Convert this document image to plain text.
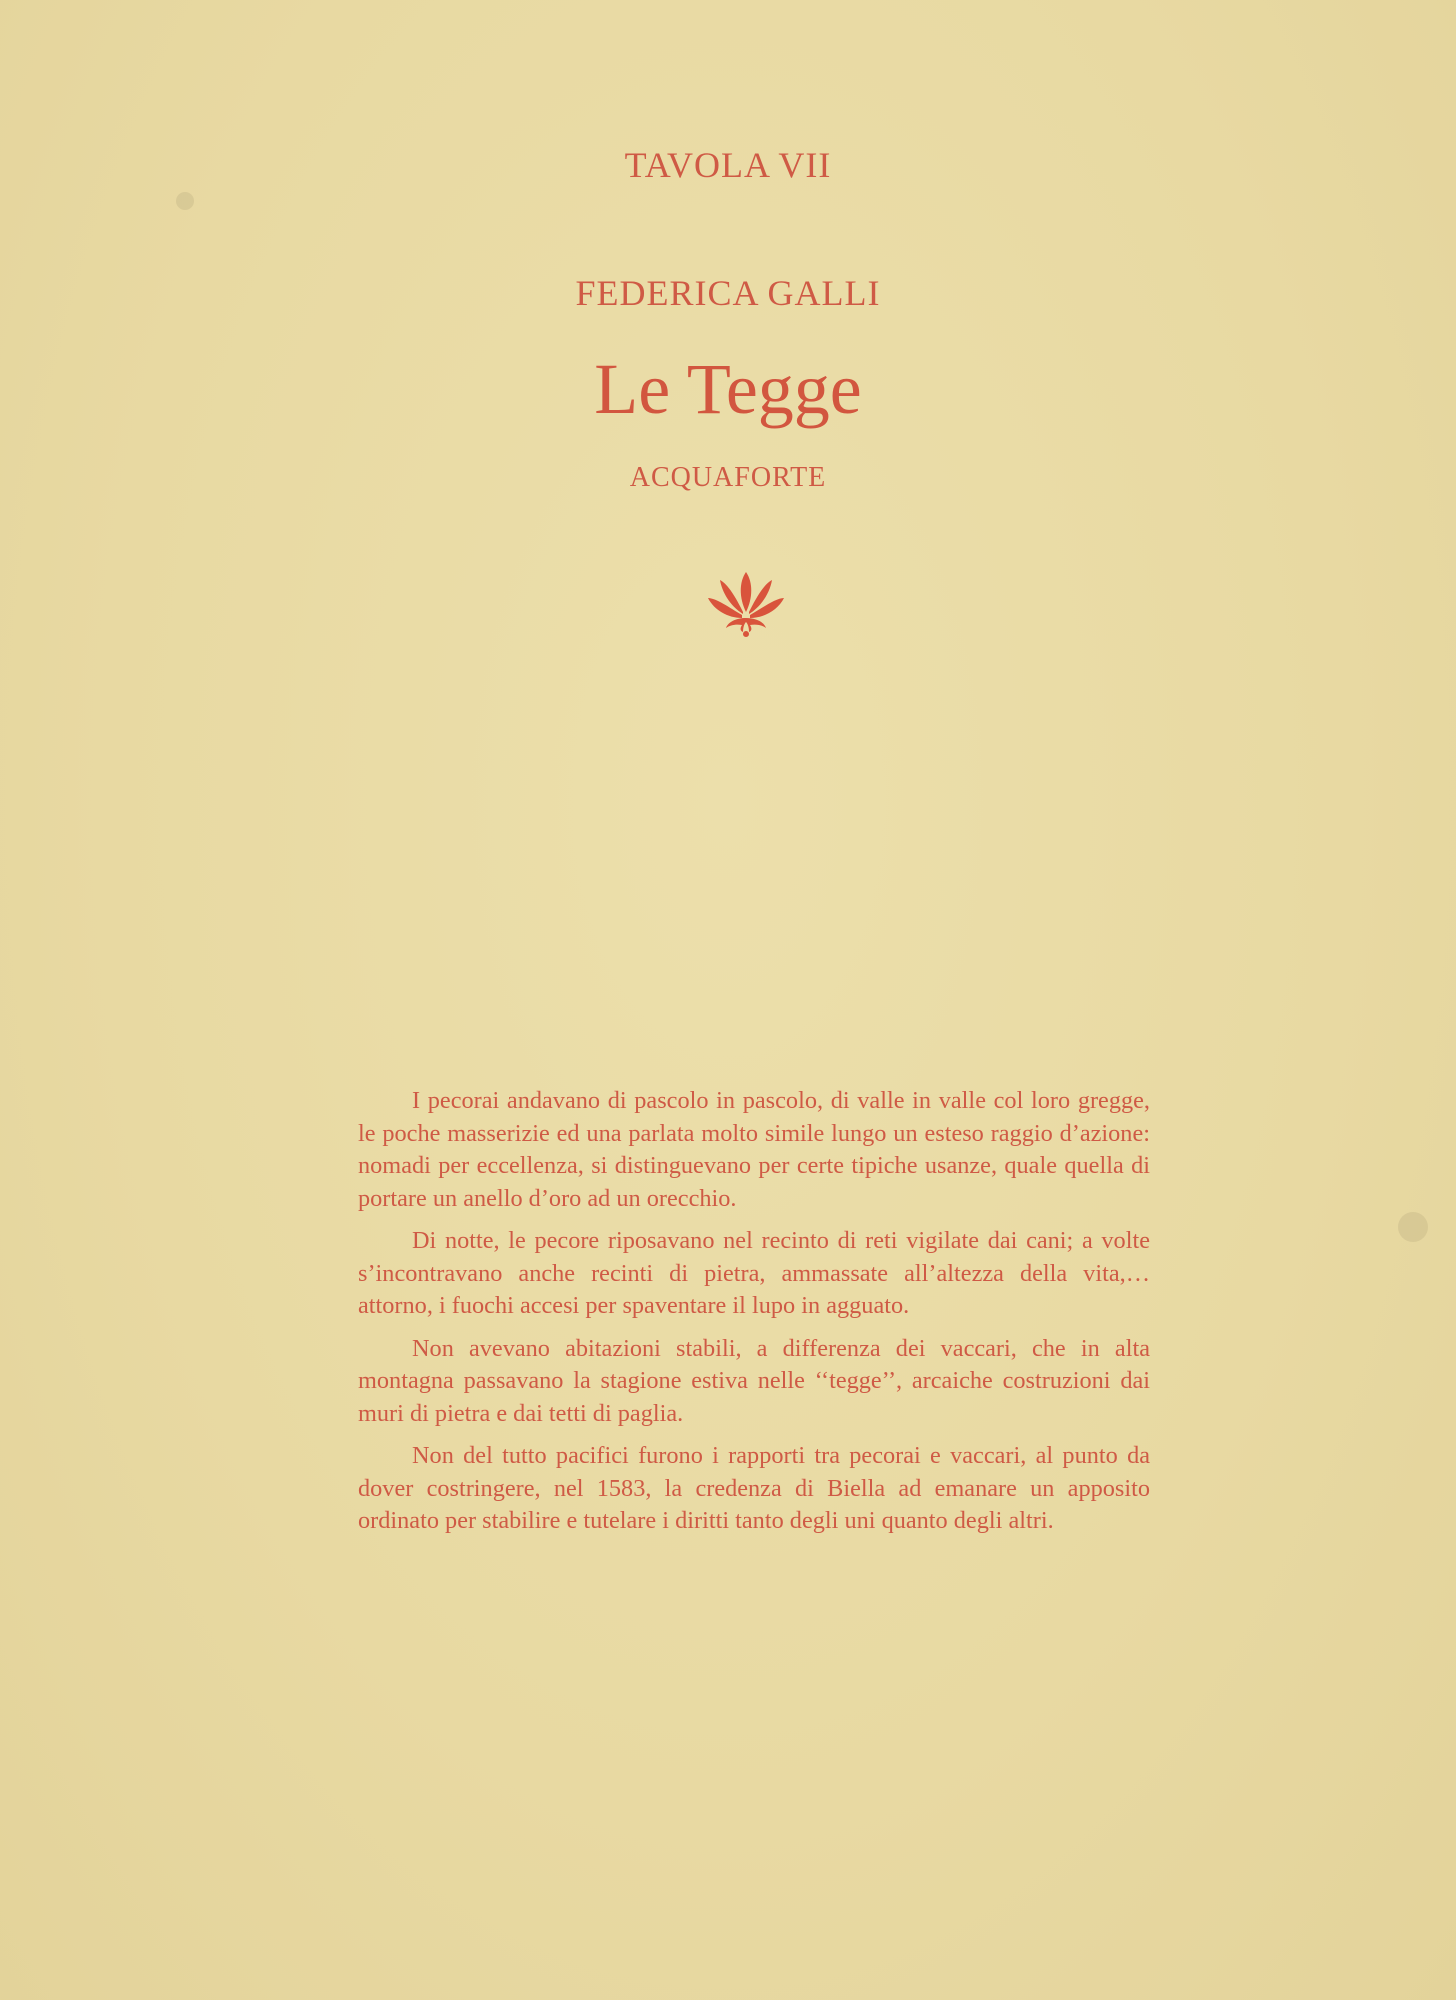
TAVOLA VII
FEDERICA GALLI
Le Tegge
ACQUAFORTE

I pecorai andavano di pascolo in pascolo, di valle in valle col loro gregge, le poche masserizie ed una parlata molto simile lungo un esteso raggio d’azione: nomadi per eccellenza, si distinguevano per certe tipiche usanze, quale quella di portare un anello d’oro ad un orecchio.

Di notte, le pecore riposavano nel recinto di reti vigilate dai cani; a volte s’incontravano anche recinti di pietra, ammassate all’altezza della vita,… attorno, i fuochi accesi per spaventare il lupo in agguato.

Non avevano abitazioni stabili, a differenza dei vaccari, che in alta montagna passavano la stagione estiva nelle ‘‘tegge’’, arcaiche costruzioni dai muri di pietra e dai tetti di paglia.

Non del tutto pacifici furono i rapporti tra pecorai e vaccari, al punto da dover costringere, nel 1583, la credenza di Biella ad emanare un apposito ordinato per stabilire e tutelare i diritti tanto degli uni quanto degli altri.
